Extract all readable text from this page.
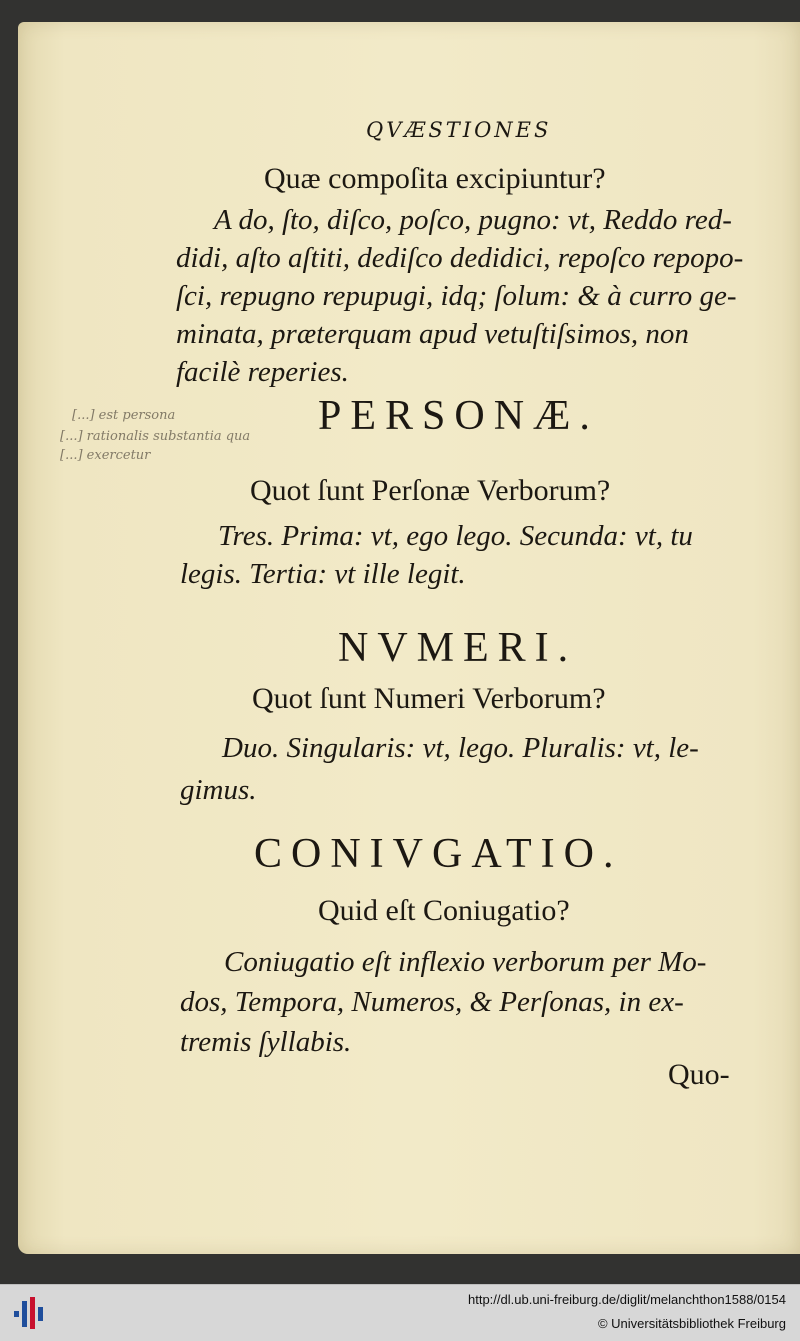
QVÆSTIONES

Quæ compoſita excipiuntur?

A do, ſto, diſco, poſco, pugno: vt, Reddo red-

didi, aſto aſtiti, dediſco dedidici, repoſco repopo-

ſci, repugno repupugi, idq; ſolum: & à curro ge-

minata, præterquam apud vetuſtiſsimos, non

facilè reperies.

PERSONÆ.

[...] est persona
[...] rationalis substantia qua
[...] exercetur

Quot ſunt Perſonæ Verborum?

Tres. Prima: vt, ego lego. Secunda: vt, tu

legis. Tertia: vt ille legit.

NVMERI.

Quot ſunt Numeri Verborum?

Duo. Singularis: vt, lego. Pluralis: vt, le-

gimus.

CONIVGATIO.

Quid eſt Coniugatio?

Coniugatio eſt inflexio verborum per Mo-

dos, Tempora, Numeros, & Perſonas, in ex-

tremis ſyllabis.

Quo-

http://dl.ub.uni-freiburg.de/diglit/melanchthon1588/0154
© Universitätsbibliothek Freiburg
